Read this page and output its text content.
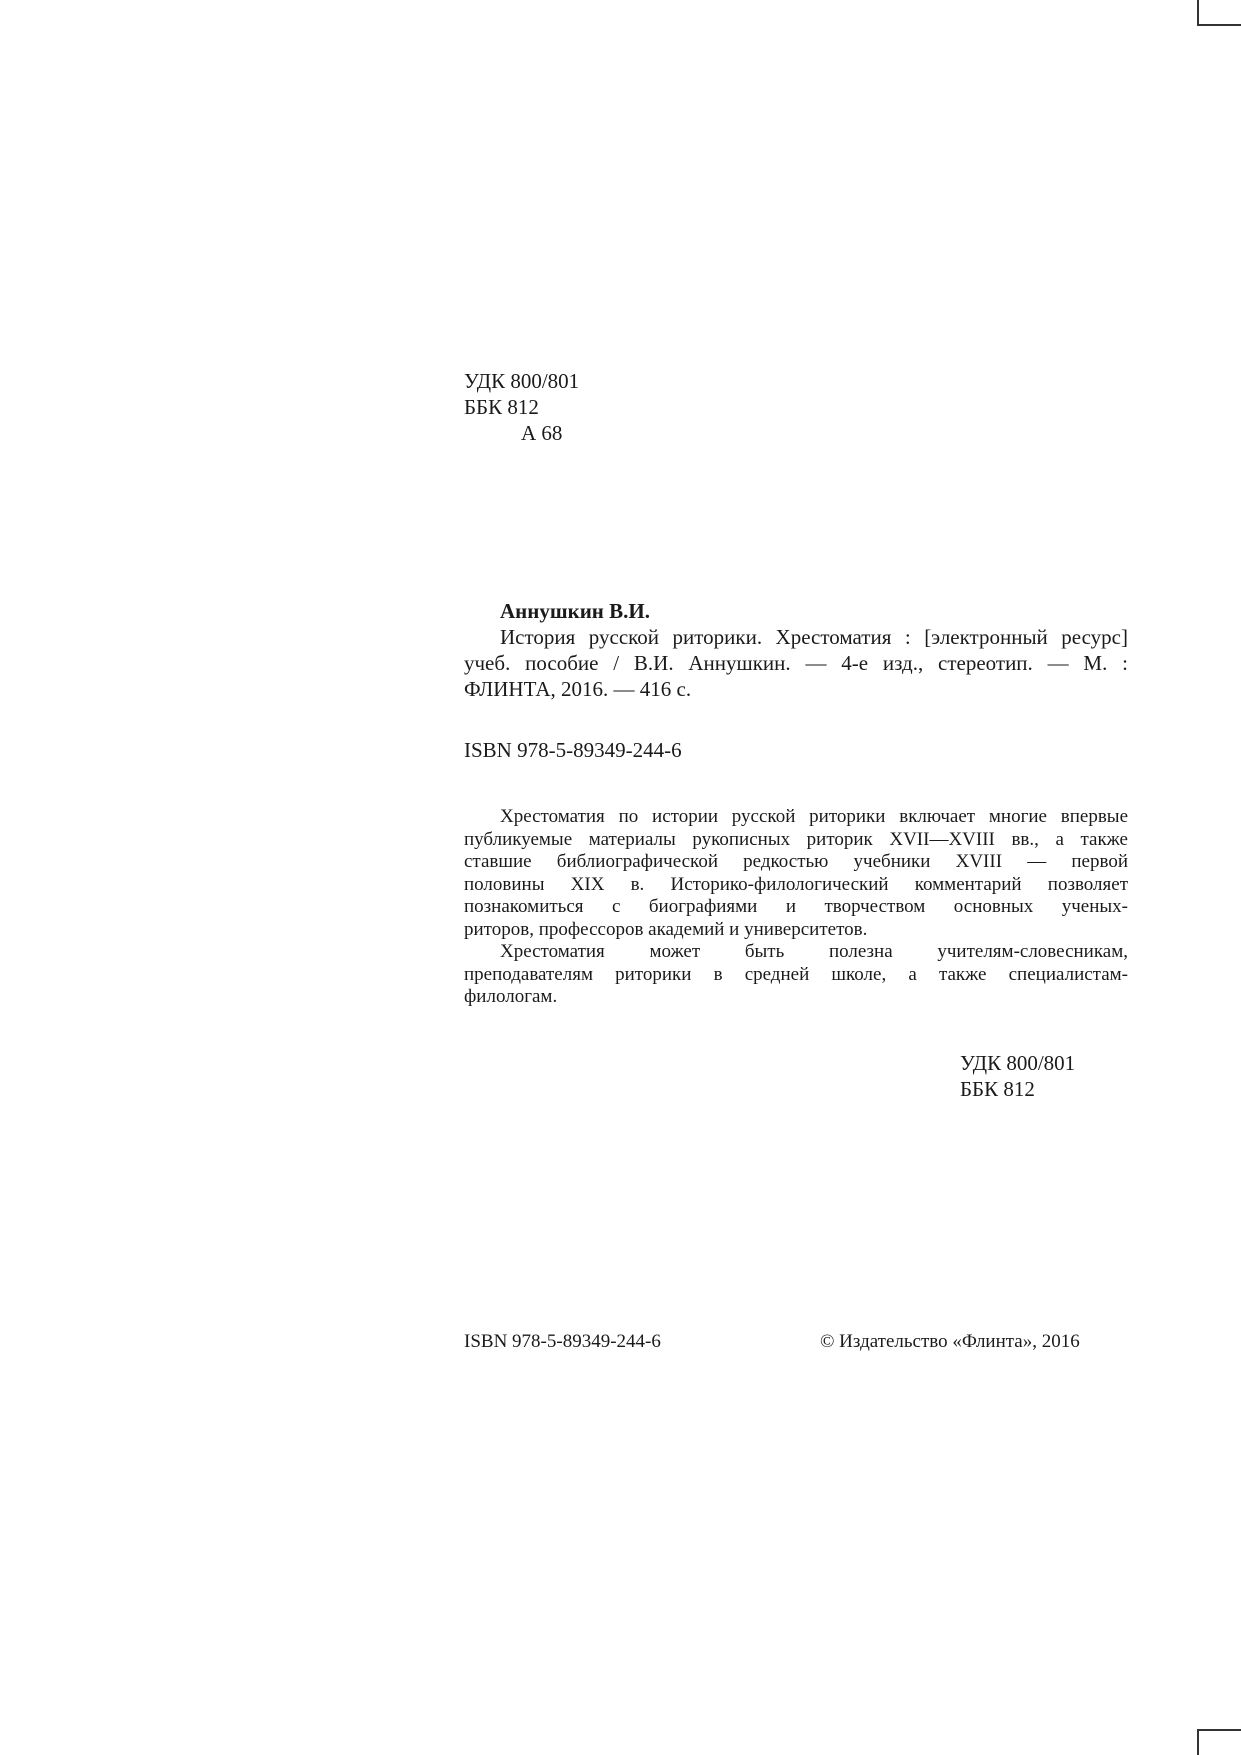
УДК 800/801
ББК 812
А 68
Аннушкин В.И.
История русской риторики. Хрестоматия : [электронный ресурс]
учеб. пособие / В.И. Аннушкин. — 4-е изд., стереотип. — М. :
ФЛИНТА, 2016. — 416 с.
ISBN 978-5-89349-244-6
Хрестоматия по истории русской риторики включает многие впервые
публикуемые материалы рукописных риторик XVII—XVIII вв., а также
ставшие библиографической редкостью учебники XVIII — первой
половины XIX в. Историко-филологический комментарий позволяет
познакомиться с биографиями и творчеством основных ученых-
риторов, профессоров академий и университетов.
Хрестоматия может быть полезна учителям-словесникам,
преподавателям риторики в средней школе, а также специалистам-
филологам.
УДК 800/801
ББК 812
ISBN 978-5-89349-244-6	© Издательство «Флинта», 2016
